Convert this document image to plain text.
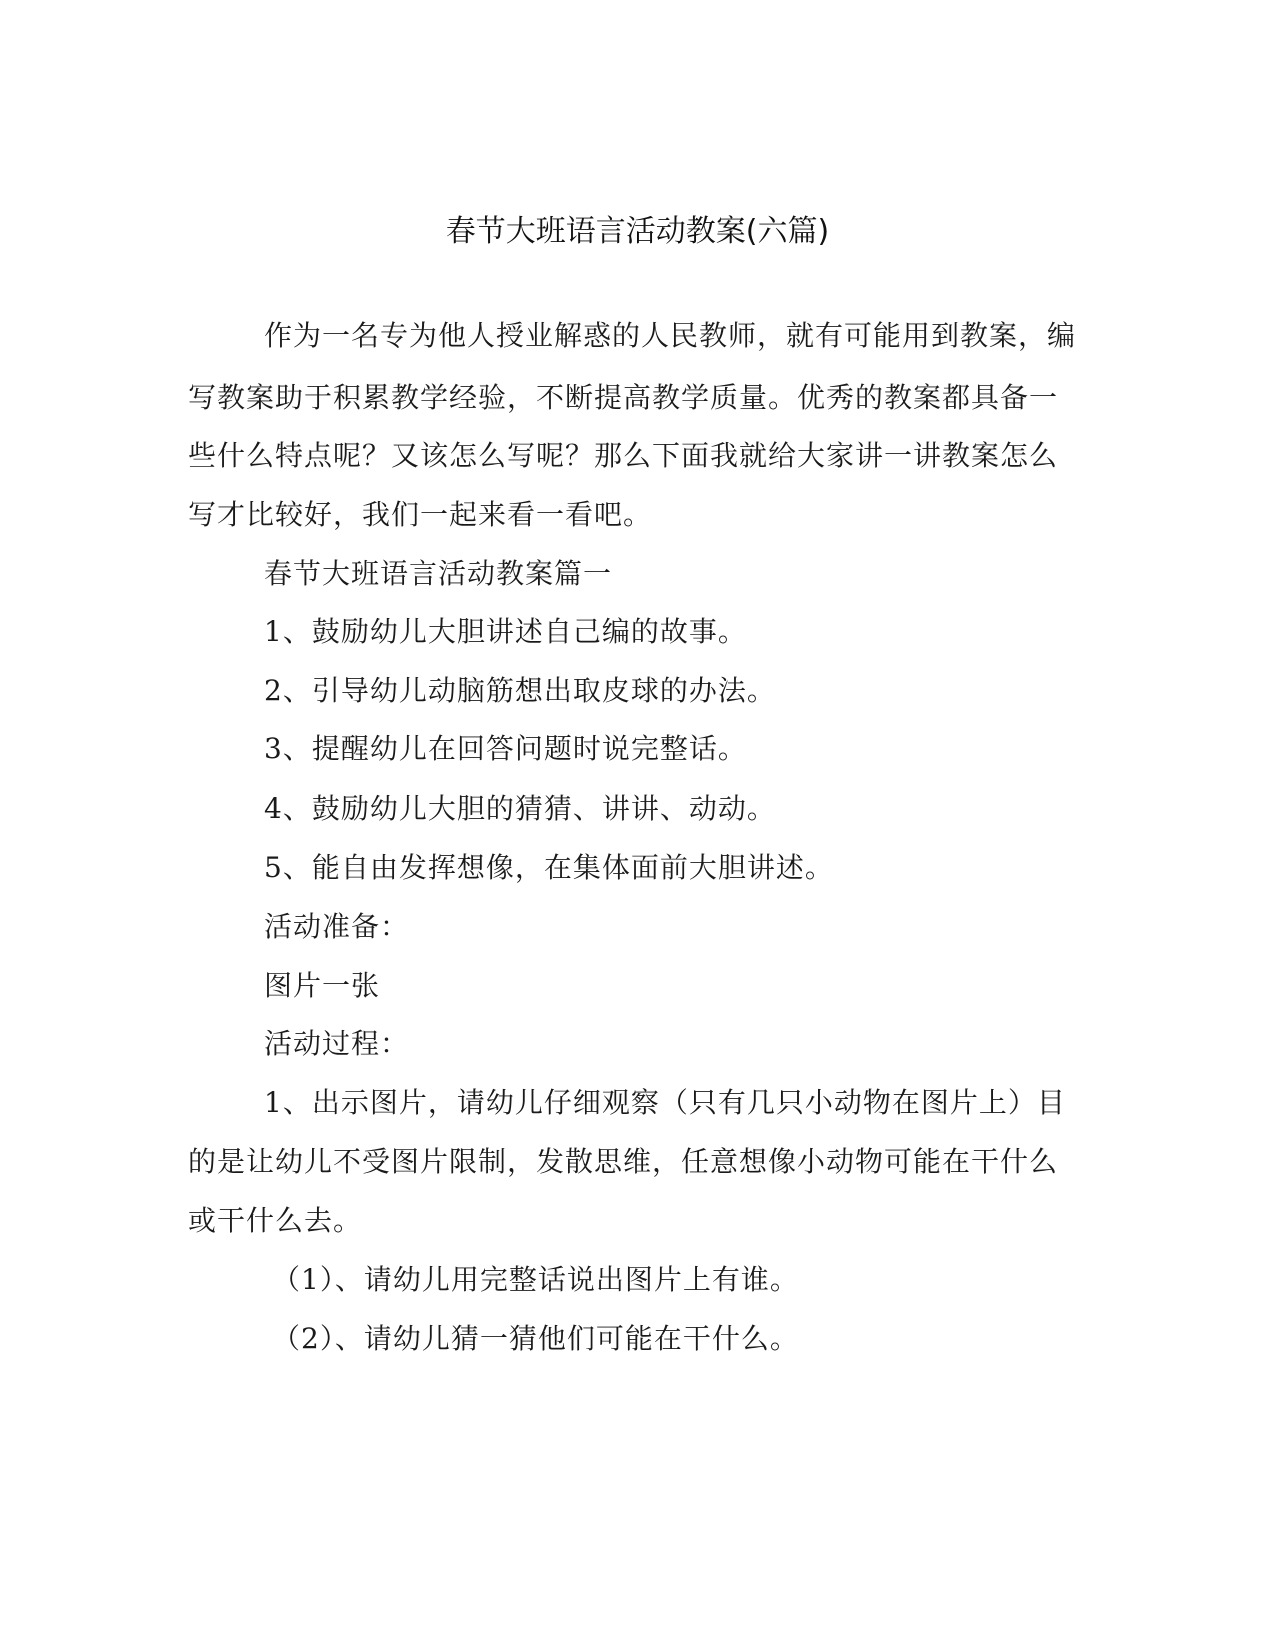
春节大班语言活动教案(六篇)

作为一名专为他人授业解惑的人民教师，就有可能用到教案，编

写教案助于积累教学经验，不断提高教学质量。优秀的教案都具备一

些什么特点呢？又该怎么写呢？那么下面我就给大家讲一讲教案怎么

写才比较好，我们一起来看一看吧。

春节大班语言活动教案篇一

1、鼓励幼儿大胆讲述自己编的故事。

2、引导幼儿动脑筋想出取皮球的办法。

3、提醒幼儿在回答问题时说完整话。

4、鼓励幼儿大胆的猜猜、讲讲、动动。

5、能自由发挥想像，在集体面前大胆讲述。

活动准备：

图片一张

活动过程：

1、出示图片，请幼儿仔细观察（只有几只小动物在图片上）目

的是让幼儿不受图片限制，发散思维，任意想像小动物可能在干什么

或干什么去。

（1）、请幼儿用完整话说出图片上有谁。

（2）、请幼儿猜一猜他们可能在干什么。
